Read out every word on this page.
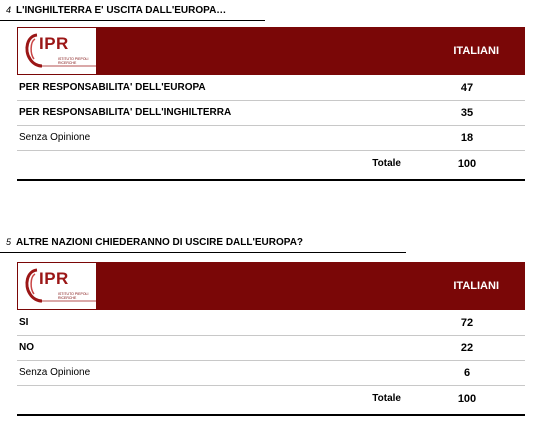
4 L'INGHILTERRA E' USCITA DALL'EUROPA…
IPR
ISTITUTO PIEPOLI RICERCHE
ITALIANI
PER RESPONSABILITA' DELL'EUROPA	47
PER RESPONSABILITA' DELL'INGHILTERRA	35
Senza Opinione	18
Totale	100
5 ALTRE NAZIONI CHIEDERANNO DI USCIRE DALL'EUROPA?
IPR
ISTITUTO PIEPOLI RICERCHE
ITALIANI
SI	72
NO	22
Senza Opinione	6
Totale	100
